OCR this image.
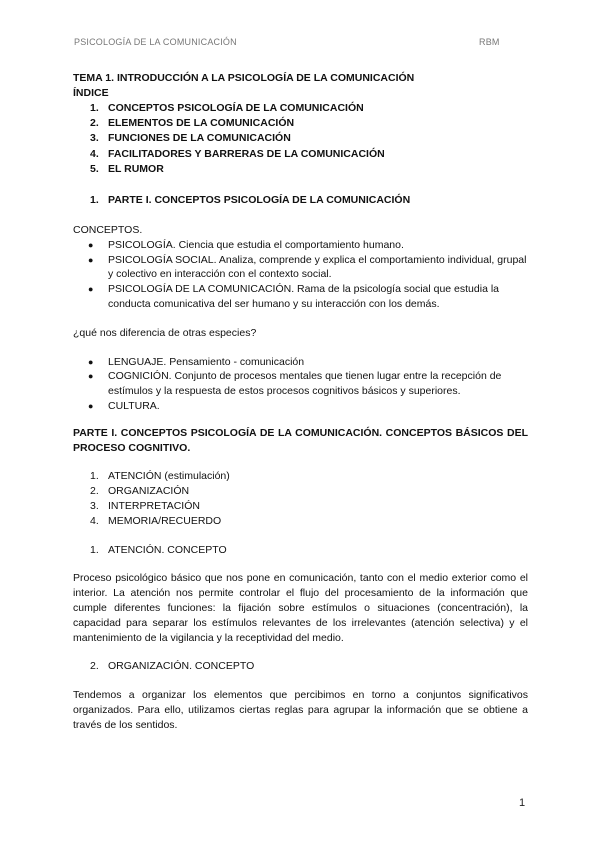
PSICOLOGÍA DE LA COMUNICACIÓN	RBM

TEMA 1. INTRODUCCIÓN A LA PSICOLOGÍA DE LA COMUNICACIÓN

ÍNDICE

1. CONCEPTOS PSICOLOGÍA DE LA COMUNICACIÓN
2. ELEMENTOS DE LA COMUNICACIÓN
3. FUNCIONES DE LA COMUNICACIÓN
4. FACILITADORES Y BARRERAS DE LA COMUNICACIÓN
5. EL RUMOR
1. PARTE I. CONCEPTOS PSICOLOGÍA DE LA COMUNICACIÓN

CONCEPTOS.

● PSICOLOGÍA. Ciencia que estudia el comportamiento humano.
● PSICOLOGÍA SOCIAL. Analiza, comprende y explica el comportamiento individual, grupal y colectivo en interacción con el contexto social.
● PSICOLOGÍA DE LA COMUNICACIÓN. Rama de la psicología social que estudia la conducta comunicativa del ser humano y su interacción con los demás.

¿qué nos diferencia de otras especies?

● LENGUAJE. Pensamiento - comunicación
● COGNICIÓN. Conjunto de procesos mentales que tienen lugar entre la recepción de estímulos y la respuesta de estos procesos cognitivos básicos y superiores.
● CULTURA.

PARTE I. CONCEPTOS PSICOLOGÍA DE LA COMUNICACIÓN. CONCEPTOS BÁSICOS DEL PROCESO COGNITIVO.

1. ATENCIÓN (estimulación)
2. ORGANIZACIÓN
3. INTERPRETACIÓN
4. MEMORIA/RECUERDO
1. ATENCIÓN. CONCEPTO

Proceso psicológico básico que nos pone en comunicación, tanto con el medio exterior como el interior. La atención nos permite controlar el flujo del procesamiento de la información que cumple diferentes funciones: la fijación sobre estímulos o situaciones (concentración), la capacidad para separar los estímulos relevantes de los irrelevantes (atención selectiva) y el mantenimiento de la vigilancia y la receptividad del medio.

2. ORGANIZACIÓN. CONCEPTO

Tendemos a organizar los elementos que percibimos en torno a conjuntos significativos organizados. Para ello, utilizamos ciertas reglas para agrupar la información que se obtiene a través de los sentidos.

1
